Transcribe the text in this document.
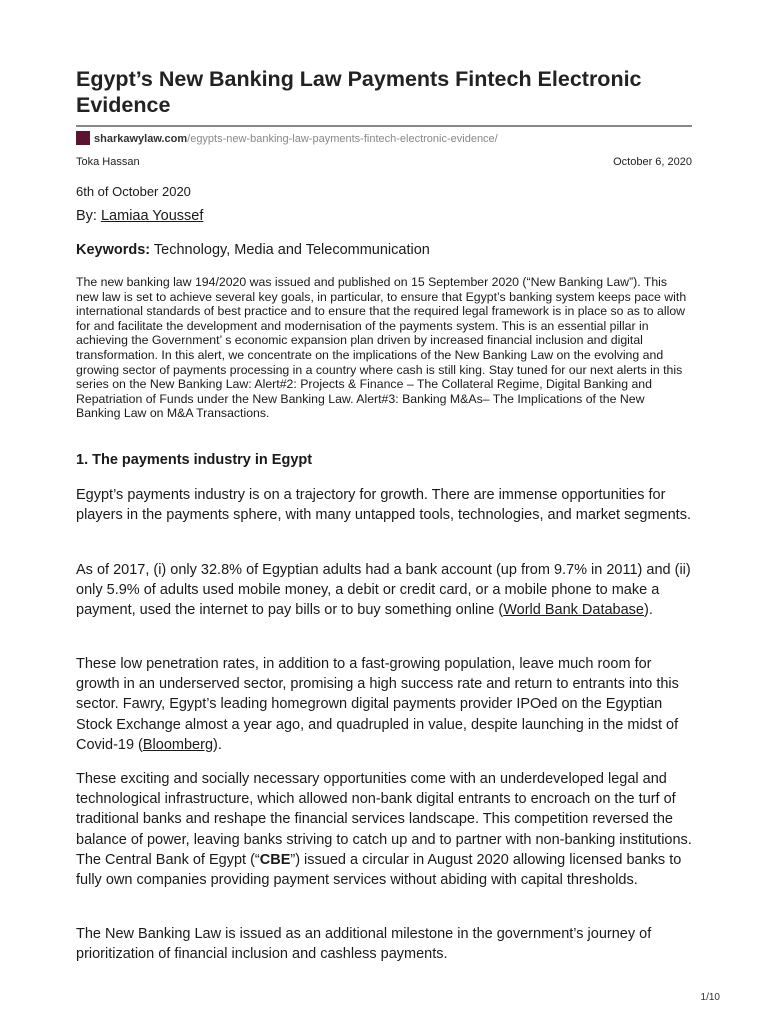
Egypt’s New Banking Law Payments Fintech Electronic Evidence
sharkawylaw.com/egypts-new-banking-law-payments-fintech-electronic-evidence/
Toka Hassan	October 6, 2020
6th of October 2020
By: Lamiaa Youssef
Keywords: Technology, Media and Telecommunication

The new banking law 194/2020 was issued and published on 15 September 2020 (“New Banking Law”). This new law is set to achieve several key goals, in particular, to ensure that Egypt’s banking system keeps pace with international standards of best practice and to ensure that the required legal framework is in place so as to allow for and facilitate the development and modernisation of the payments system. This is an essential pillar in achieving the Government’ s economic expansion plan driven by increased financial inclusion and digital transformation. In this alert, we concentrate on the implications of the New Banking Law on the evolving and growing sector of payments processing in a country where cash is still king. Stay tuned for our next alerts in this series on the New Banking Law: Alert#2: Projects & Finance – The Collateral Regime, Digital Banking and Repatriation of Funds under the New Banking Law. Alert#3: Banking M&As– The Implications of the New Banking Law on M&A Transactions.

1. The payments industry in Egypt

Egypt’s payments industry is on a trajectory for growth. There are immense opportunities for players in the payments sphere, with many untapped tools, technologies, and market segments.

As of 2017, (i) only 32.8% of Egyptian adults had a bank account (up from 9.7% in 2011) and (ii) only 5.9% of adults used mobile money, a debit or credit card, or a mobile phone to make a payment, used the internet to pay bills or to buy something online (World Bank Database).

These low penetration rates, in addition to a fast-growing population, leave much room for growth in an underserved sector, promising a high success rate and return to entrants into this sector. Fawry, Egypt’s leading homegrown digital payments provider IPOed on the Egyptian Stock Exchange almost a year ago, and quadrupled in value, despite launching in the midst of Covid-19 (Bloomberg).

These exciting and socially necessary opportunities come with an underdeveloped legal and technological infrastructure, which allowed non-bank digital entrants to encroach on the turf of traditional banks and reshape the financial services landscape. This competition reversed the balance of power, leaving banks striving to catch up and to partner with non-banking institutions. The Central Bank of Egypt (“CBE”) issued a circular in August 2020 allowing licensed banks to fully own companies providing payment services without abiding with capital thresholds.

The New Banking Law is issued as an additional milestone in the government’s journey of prioritization of financial inclusion and cashless payments.

1/10
